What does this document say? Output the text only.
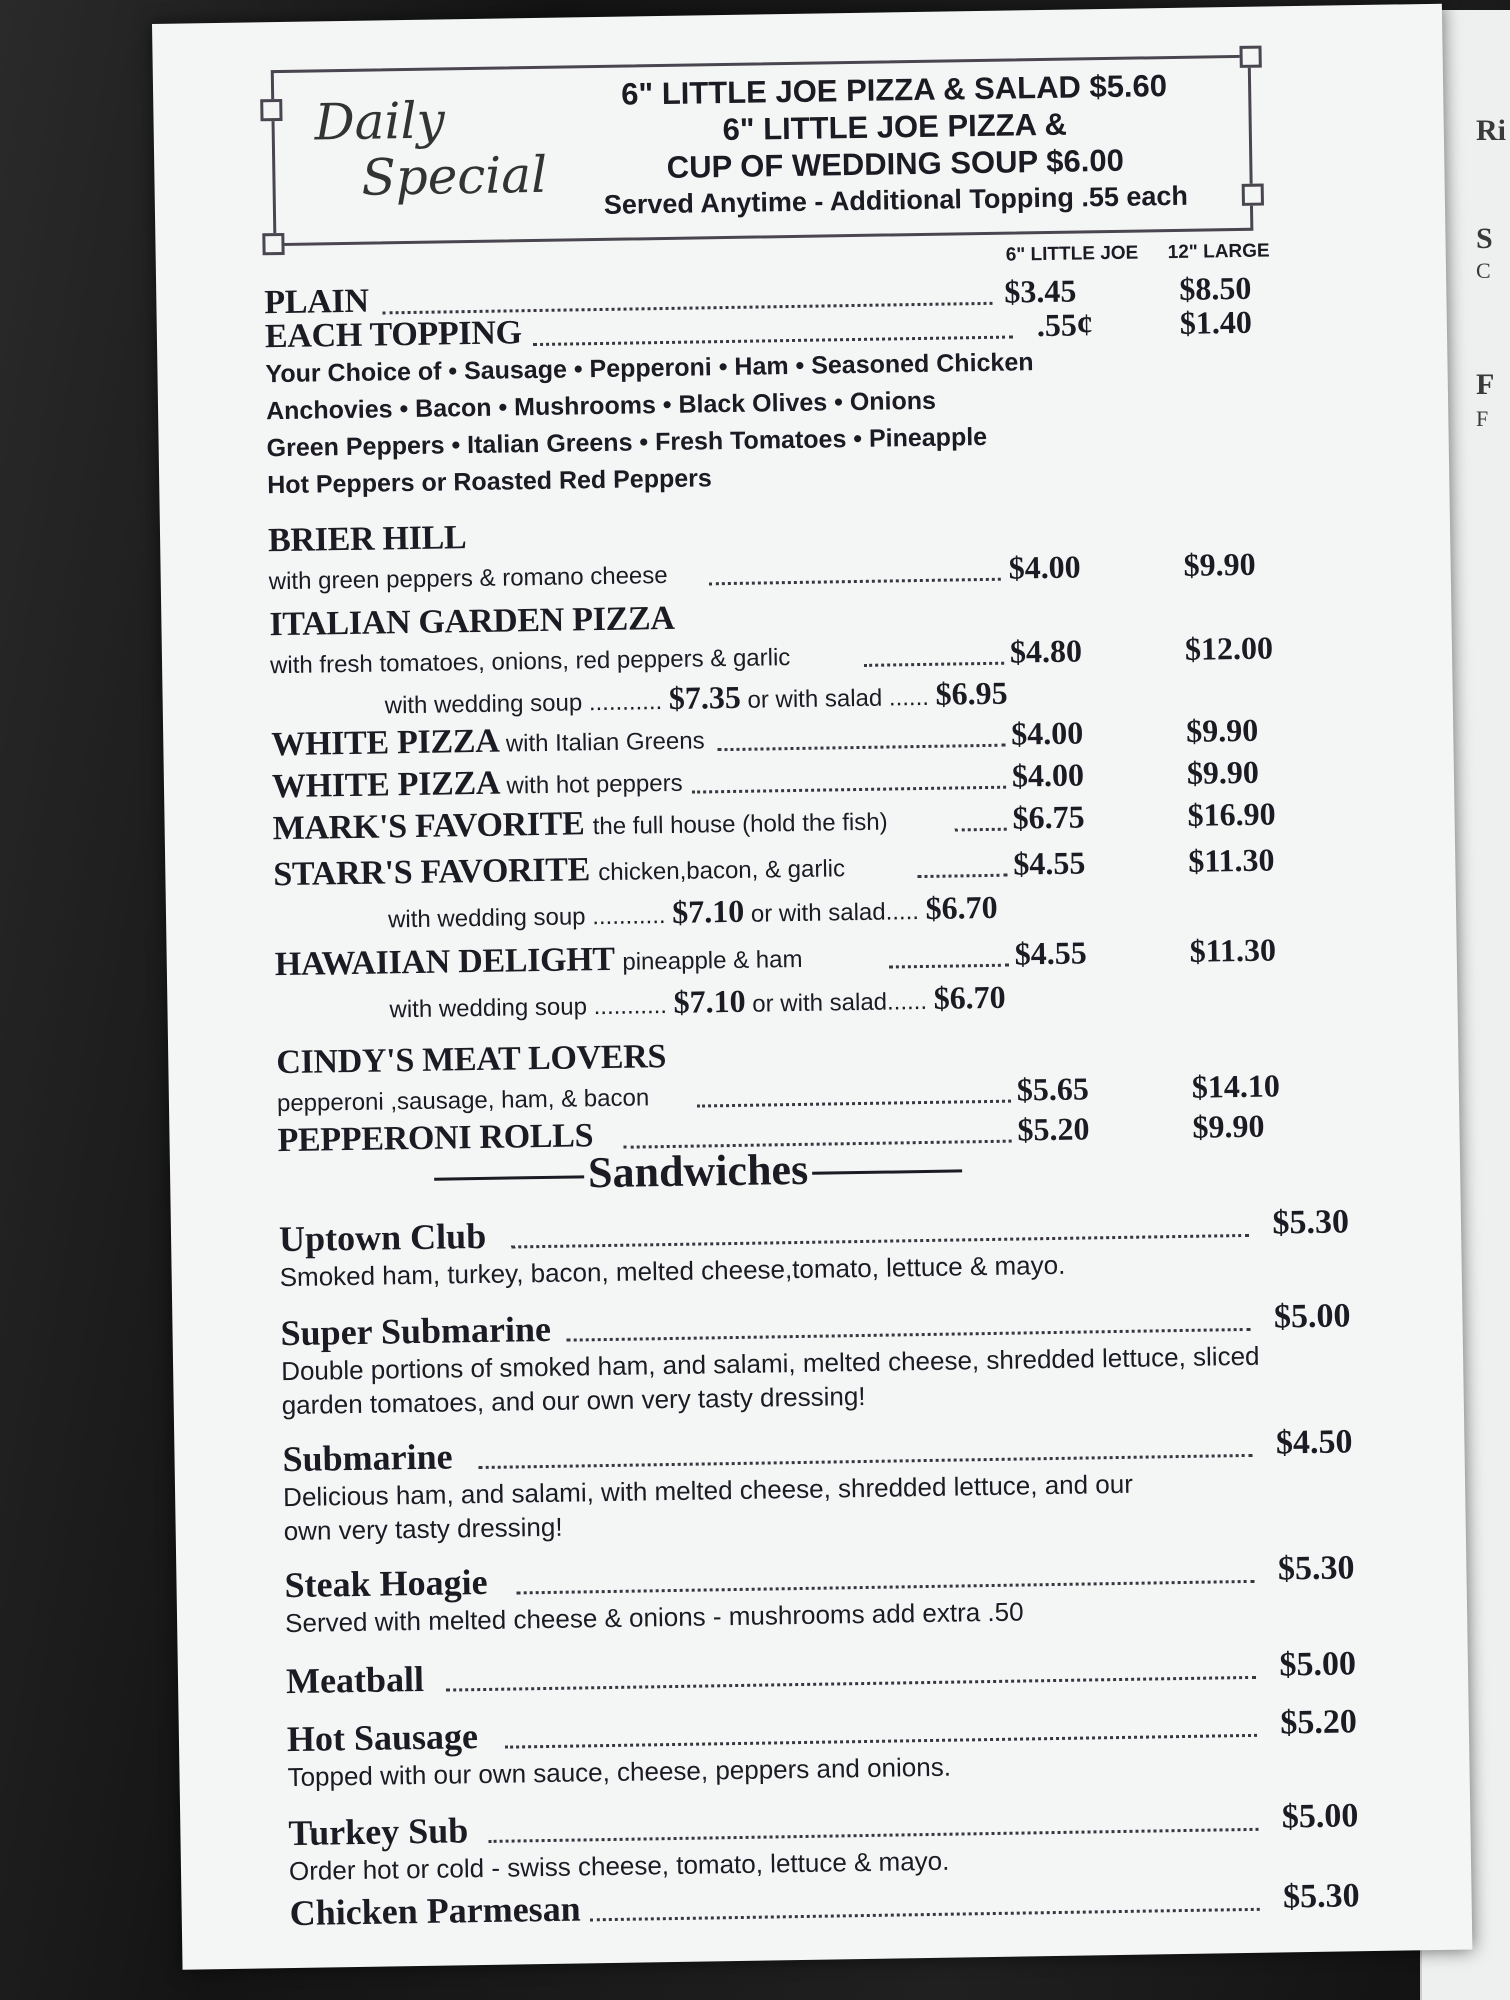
Ri
S
C
F
F
Daily
Special
6" LITTLE JOE PIZZA & SALAD $5.60
6" LITTLE JOE PIZZA &
CUP OF WEDDING SOUP $6.00
Served Anytime - Additional Topping .55 each
6" LITTLE JOE 12" LARGE
PLAIN	$3.45	$8.50
EACH TOPPING	.55¢	$1.40
Your Choice of • Sausage • Pepperoni • Ham • Seasoned Chicken
Anchovies • Bacon • Mushrooms • Black Olives • Onions
Green Peppers • Italian Greens • Fresh Tomatoes • Pineapple
Hot Peppers or Roasted Red Peppers
BRIER HILL
with green peppers & romano cheese	$4.00	$9.90
ITALIAN GARDEN PIZZA
with fresh tomatoes, onions, red peppers & garlic	$4.80	$12.00
with wedding soup ........... $7.35 or with salad ...... $6.95
WHITE PIZZA with Italian Greens	$4.00	$9.90
WHITE PIZZA with hot peppers	$4.00	$9.90
MARK'S FAVORITE the full house (hold the fish)	$6.75	$16.90
STARR'S FAVORITE chicken,bacon, & garlic	$4.55	$11.30
with wedding soup ........... $7.10 or with salad..... $6.70
HAWAIIAN DELIGHT pineapple & ham	$4.55	$11.30
with wedding soup ........... $7.10 or with salad...... $6.70
CINDY'S MEAT LOVERS
pepperoni ,sausage, ham, & bacon	$5.65	$14.10
PEPPERONI ROLLS	$5.20	$9.90
Sandwiches
Uptown Club	$5.30
Smoked ham, turkey, bacon, melted cheese,tomato, lettuce & mayo.
Super Submarine	$5.00
Double portions of smoked ham, and salami, melted cheese, shredded lettuce, sliced garden tomatoes, and our own very tasty dressing!
Submarine	$4.50
Delicious ham, and salami, with melted cheese, shredded lettuce, and our own very tasty dressing!
Steak Hoagie	$5.30
Served with melted cheese & onions - mushrooms add extra .50
Meatball	$5.00
Hot Sausage	$5.20
Topped with our own sauce, cheese, peppers and onions.
Turkey Sub	$5.00
Order hot or cold - swiss cheese, tomato, lettuce & mayo.
Chicken Parmesan	$5.30
